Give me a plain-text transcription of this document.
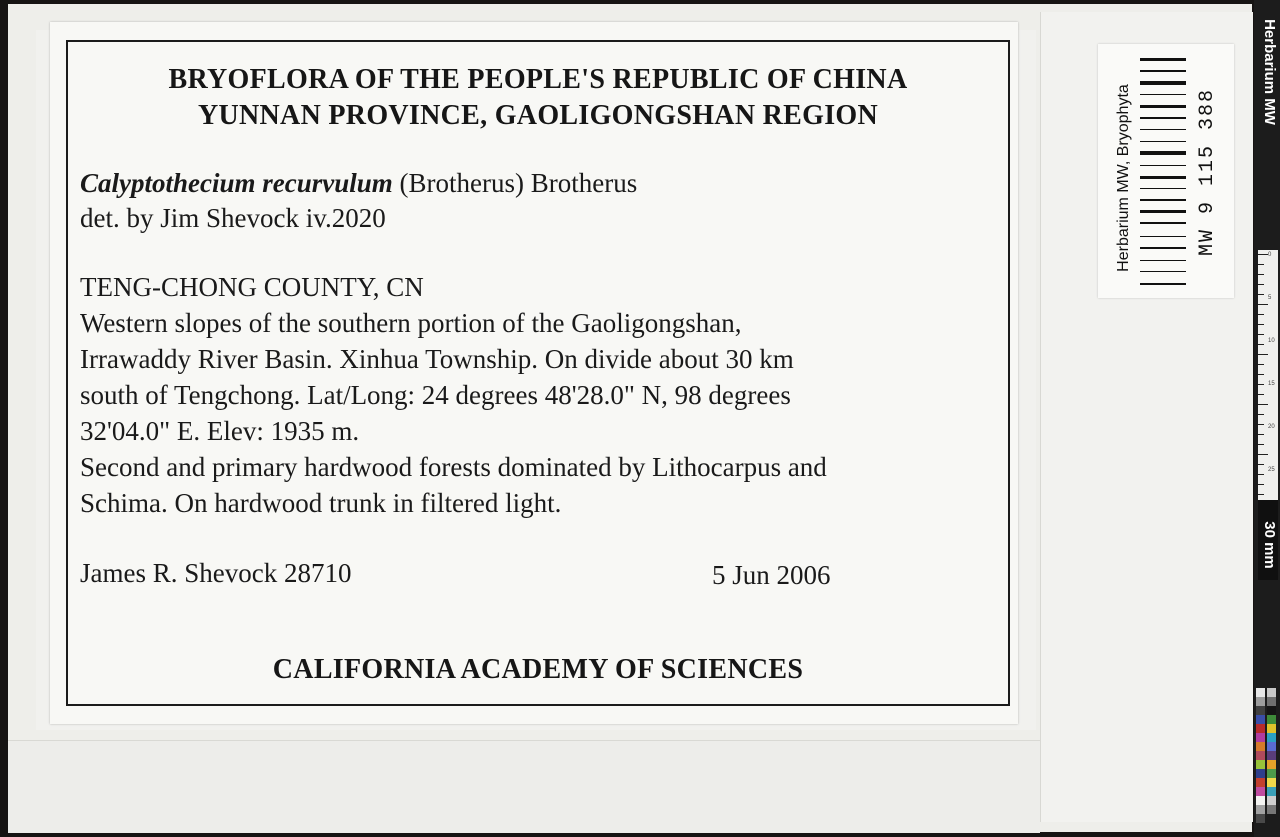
BRYOFLORA OF THE PEOPLE'S REPUBLIC OF CHINA
YUNNAN PROVINCE, GAOLIGONGSHAN REGION
Calyptothecium recurvulum (Brotherus) Brotherus
det. by Jim Shevock iv.2020
TENG-CHONG COUNTY, CN
Western slopes of the southern portion of the Gaoligongshan,
Irrawaddy River Basin. Xinhua Township. On divide about 30 km
south of Tengchong. Lat/Long: 24 degrees 48'28.0" N, 98 degrees
32'04.0" E. Elev: 1935 m.
Second and primary hardwood forests dominated by Lithocarpus and
Schima. On hardwood trunk in filtered light.
James R. Shevock 28710	5 Jun 2006
CALIFORNIA ACADEMY OF SCIENCES
Herbarium MW, Bryophyta	MW 9 115 388
Herbarium MW
0
5
10
15
20
25
30 mm
